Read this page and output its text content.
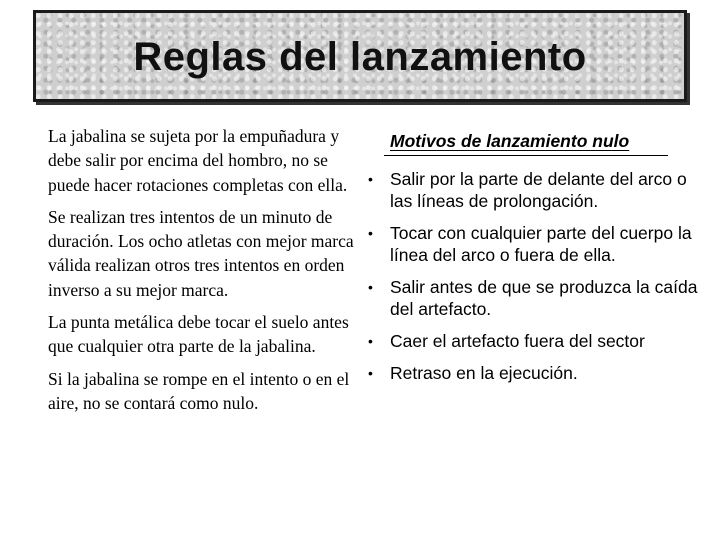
Reglas del lanzamiento

La jabalina se sujeta por la empuñadura y debe salir por encima del hombro, no se puede hacer rotaciones completas con ella.

Se realizan tres intentos de un minuto de duración. Los ocho atletas con mejor marca válida realizan otros tres intentos en orden inverso a su mejor marca.

La punta metálica debe tocar el suelo antes que cualquier otra parte de la jabalina.

Si la jabalina se rompe en el intento o en el aire, no se contará como nulo.

Motivos de lanzamiento nulo
• Salir por la parte de delante del arco o las líneas de prolongación.
• Tocar con cualquier parte del cuerpo la línea del arco o fuera de ella.
• Salir antes de que se produzca la caída del artefacto.
• Caer el artefacto fuera del sector
• Retraso en la ejecución.
